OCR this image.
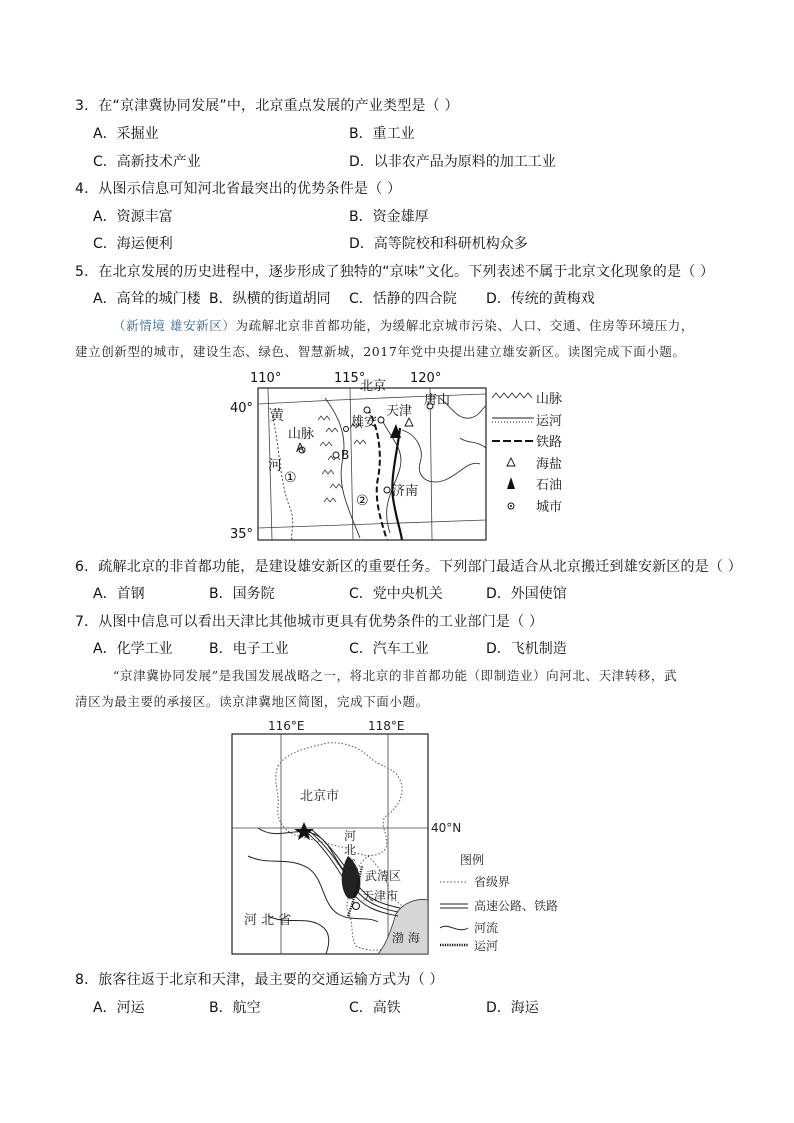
3．在“京津冀协同发展”中，北京重点发展的产业类型是（ ）
A．采掘业	B．重工业
C．高新技术产业	D．以非农产品为原料的加工工业
4．从图示信息可知河北省最突出的优势条件是（ ）
A．资源丰富	B．资金雄厚
C．海运便利	D．高等院校和科研机构众多
5．在北京发展的历史进程中，逐步形成了独特的“京味”文化。下列表述不属于北京文化现象的是（ ）
A．高耸的城门楼 B．纵横的街道胡同 C．恬静的四合院 D．传统的黄梅戏
（新情境 雄安新区）为疏解北京非首都功能，为缓解北京城市污染、人口、交通、住房等环境压力，
建立创新型的城市，建设生态、绿色、智慧新城，2017年党中央提出建立雄安新区。读图完成下面小题。
110°	115°	120°
40°
35°
北京
天津
唐山
雄安
济南
黄
河
山脉
A	B
①
②
山脉
运河
铁路
海盐
石油
城市
6．疏解北京的非首都功能，是建设雄安新区的重要任务。下列部门最适合从北京搬迁到雄安新区的是（ ）
A．首钢	B．国务院	C．党中央机关	D．外国使馆
7．从图中信息可以看出天津比其他城市更具有优势条件的工业部门是（ ）
A．化学工业	B．电子工业	C．汽车工业	D．飞机制造
“京津冀协同发展”是我国发展战略之一，将北京的非首都功能（即制造业）向河北、天津转移，武
清区为最主要的承接区。读京津冀地区简图，完成下面小题。
116°E	118°E
40°N
北京市
河
北
省
武清区
天津市
河 北 省
渤 海
图例
省级界
高速公路、铁路
河流
运河
8．旅客往返于北京和天津，最主要的交通运输方式为（ ）
A．河运	B．航空	C．高铁	D．海运
